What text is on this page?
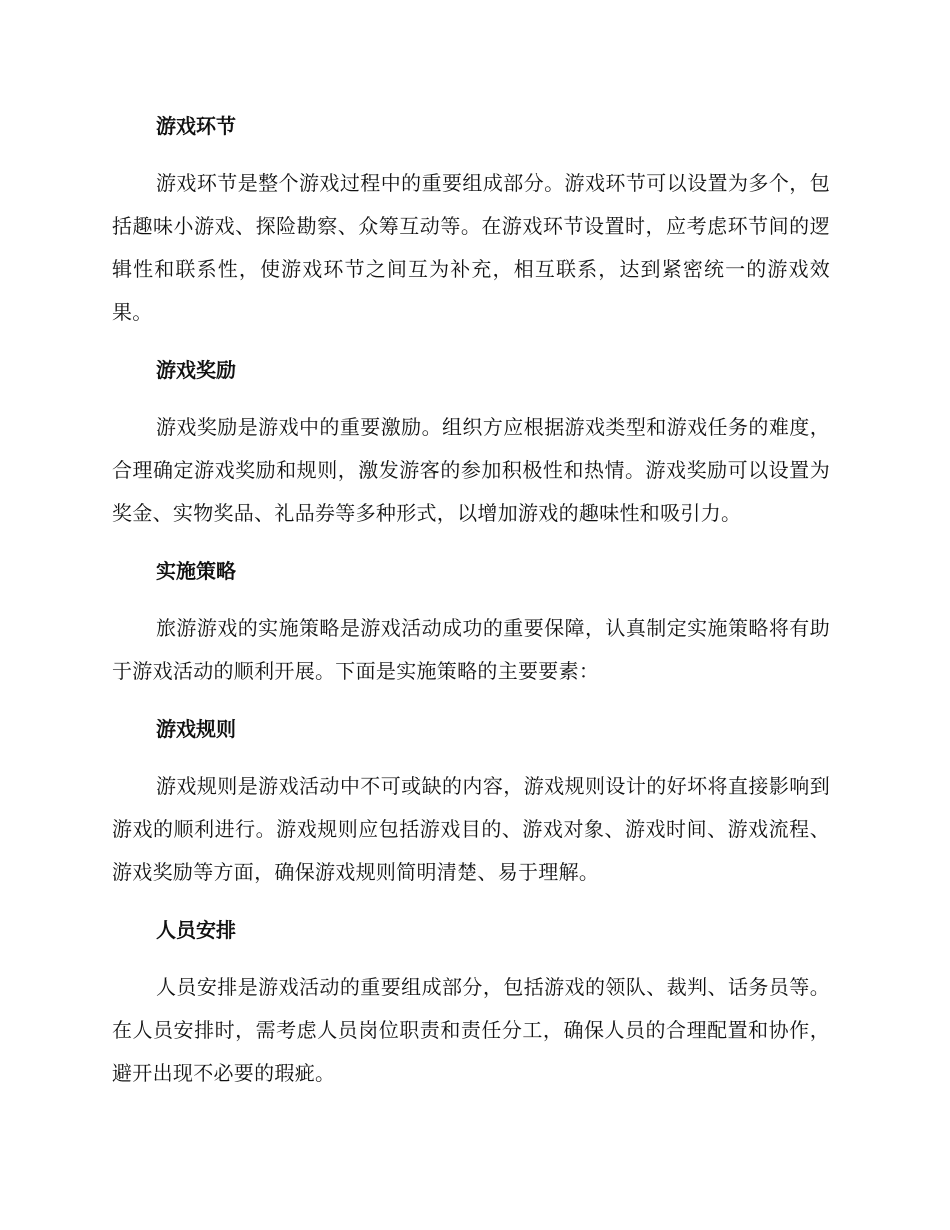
游戏环节

游戏环节是整个游戏过程中的重要组成部分。游戏环节可以设置为多个，包括趣味小游戏、探险勘察、众筹互动等。在游戏环节设置时，应考虑环节间的逻辑性和联系性，使游戏环节之间互为补充，相互联系，达到紧密统一的游戏效果。

游戏奖励

游戏奖励是游戏中的重要激励。组织方应根据游戏类型和游戏任务的难度，合理确定游戏奖励和规则，激发游客的参加积极性和热情。游戏奖励可以设置为奖金、实物奖品、礼品券等多种形式，以增加游戏的趣味性和吸引力。

实施策略

旅游游戏的实施策略是游戏活动成功的重要保障，认真制定实施策略将有助于游戏活动的顺利开展。下面是实施策略的主要要素：

游戏规则

游戏规则是游戏活动中不可或缺的内容，游戏规则设计的好坏将直接影响到游戏的顺利进行。游戏规则应包括游戏目的、游戏对象、游戏时间、游戏流程、游戏奖励等方面，确保游戏规则简明清楚、易于理解。

人员安排

人员安排是游戏活动的重要组成部分，包括游戏的领队、裁判、话务员等。在人员安排时，需考虑人员岗位职责和责任分工，确保人员的合理配置和协作，避开出现不必要的瑕疵。
